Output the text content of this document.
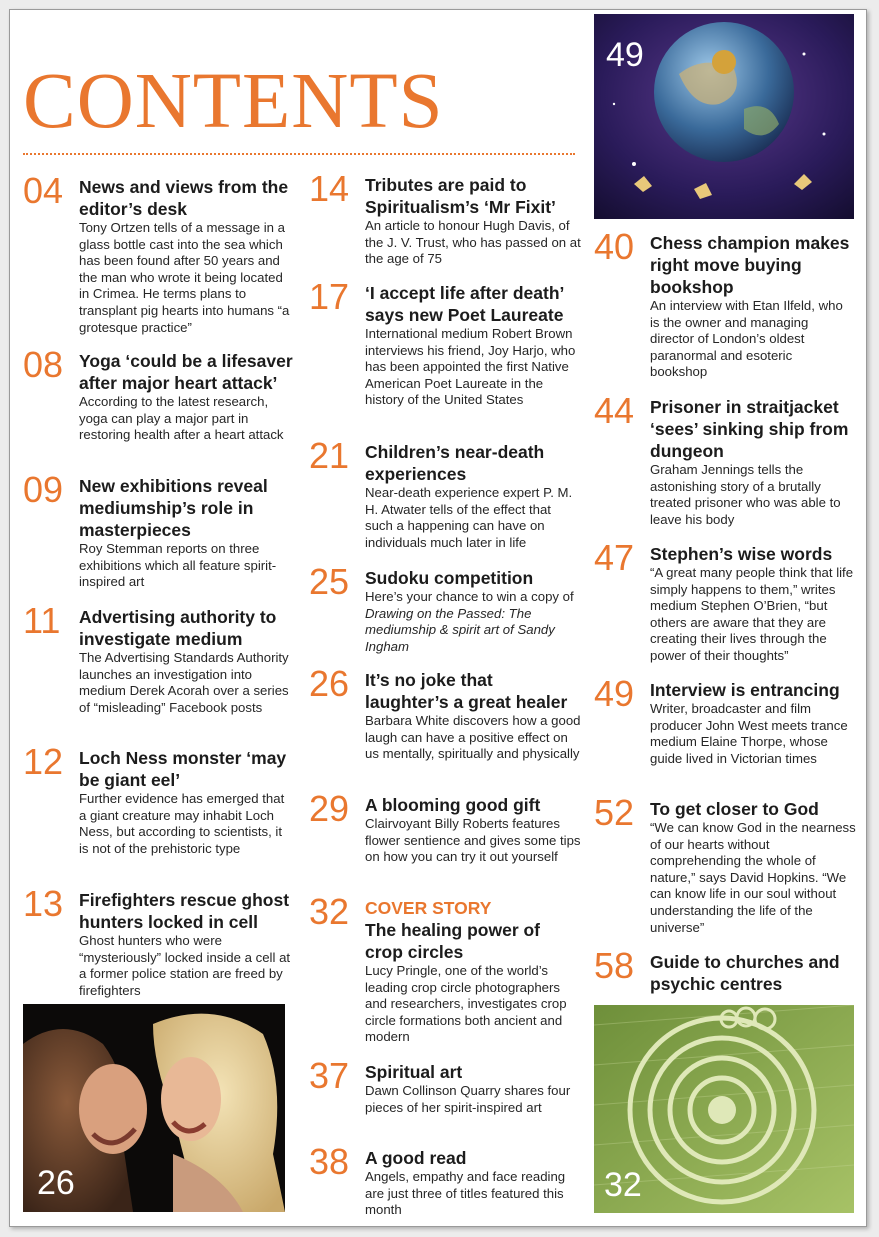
CONTENTS
04 News and views from the editor’s desk
Tony Ortzen tells of a message in a glass bottle cast into the sea which has been found after 50 years and the man who wrote it being located in Crimea. He terms plans to transplant pig hearts into humans “a grotesque practice”
08 Yoga ‘could be a lifesaver after major heart attack’
According to the latest research, yoga can play a major part in restoring health after a heart attack
09 New exhibitions reveal mediumship’s role in masterpieces
Roy Stemman reports on three exhibitions which all feature spirit-inspired art
11 Advertising authority to investigate medium
The Advertising Standards Authority launches an investigation into medium Derek Acorah over a series of “misleading” Facebook posts
12 Loch Ness monster ‘may be giant eel’
Further evidence has emerged that a giant creature may inhabit Loch Ness, but according to scientists, it is not of the prehistoric type
13 Firefighters rescue ghost hunters locked in cell
Ghost hunters who were “mysteriously” locked inside a cell at a former police station are freed by firefighters
26
14 Tributes are paid to Spiritualism’s ‘Mr Fixit’
An article to honour Hugh Davis, of the J. V. Trust, who has passed on at the age of 75
17 ‘I accept life after death’ says new Poet Laureate
International medium Robert Brown interviews his friend, Joy Harjo, who has been appointed the first Native American Poet Laureate in the history of the United States
21 Children’s near-death experiences
Near-death experience expert P. M. H. Atwater tells of the effect that such a happening can have on individuals much later in life
25 Sudoku competition
Here’s your chance to win a copy of Drawing on the Passed: The mediumship & spirit art of Sandy Ingham
26 It’s no joke that laughter’s a great healer
Barbara White discovers how a good laugh can have a positive effect on us mentally, spiritually and physically
29 A blooming good gift
Clairvoyant Billy Roberts features flower sentience and gives some tips on how you can try it out yourself
32 COVER STORY
The healing power of crop circles
Lucy Pringle, one of the world’s leading crop circle photographers and researchers, investigates crop circle formations both ancient and modern
37 Spiritual art
Dawn Collinson Quarry shares four pieces of her spirit-inspired art
38 A good read
Angels, empathy and face reading are just three of titles featured this month
49
40 Chess champion makes right move buying bookshop
An interview with Etan Ilfeld, who is the owner and managing director of London’s oldest paranormal and esoteric bookshop
44 Prisoner in straitjacket ‘sees’ sinking ship from dungeon
Graham Jennings tells the astonishing story of a brutally treated prisoner who was able to leave his body
47 Stephen’s wise words
“A great many people think that life simply happens to them,” writes medium Stephen O’Brien, “but others are aware that they are creating their lives through the power of their thoughts”
49 Interview is entrancing
Writer, broadcaster and film producer John West meets trance medium Elaine Thorpe, whose guide lived in Victorian times
52 To get closer to God
“We can know God in the nearness of our hearts without comprehending the whole of nature,” says David Hopkins. “We can know life in our soul without understanding the life of the universe”
58 Guide to churches and psychic centres
32
